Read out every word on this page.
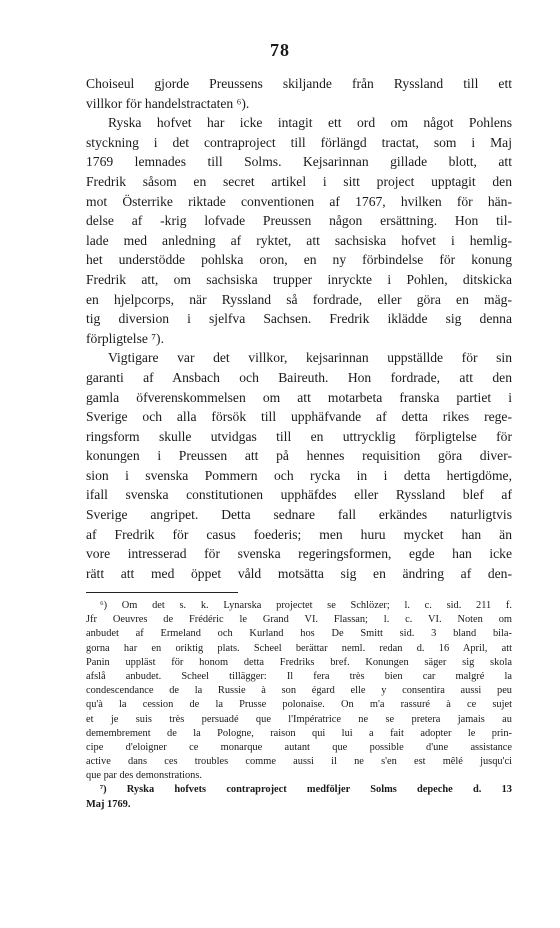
78
Choiseul gjorde Preussens skiljande från Ryssland till ett
villkor för handelstractaten ⁶).
Ryska hofvet har icke intagit ett ord om något Pohlens
styckning i det contraproject till förlängd tractat, som i Maj
1769 lemnades till Solms. Kejsarinnan gillade blott, att
Fredrik såsom en secret artikel i sitt project upptagit den
mot Österrike riktade conventionen af 1767, hvilken för hän-
delse af -krig lofvade Preussen någon ersättning. Hon til-
lade med anledning af ryktet, att sachsiska hofvet i hemlig-
het understödde pohlska oron, en ny förbindelse för konung
Fredrik att, om sachsiska trupper inryckte i Pohlen, ditskicka
en hjelpcorps, när Ryssland så fordrade, eller göra en mäg-
tig diversion i sjelfva Sachsen. Fredrik iklädde sig denna
förpligtelse ⁷).
Vigtigare var det villkor, kejsarinnan uppställde för sin
garanti af Ansbach och Baireuth. Hon fordrade, att den
gamla öfverenskommelsen om att motarbeta franska partiet i
Sverige och alla försök till upphäfvande af detta rikes rege-
ringsform skulle utvidgas till en uttrycklig förpligtelse för
konungen i Preussen att på hennes requisition göra diver-
sion i svenska Pommern och rycka in i detta hertigdöme,
ifall svenska constitutionen upphäfdes eller Ryssland blef af
Sverige angripet. Detta sednare fall erkändes naturligtvis
af Fredrik för casus foederis; men huru mycket han än
vore intresserad för svenska regeringsformen, egde han icke
rätt att med öppet våld motsätta sig en ändring af den-
⁶) Om det s. k. Lynarska projectet se Schlözer; l. c. sid. 211 f.
Jfr Oeuvres de Frédéric le Grand VI. Flassan; l. c. VI. Noten om
anbudet af Ermeland och Kurland hos De Smitt sid. 3 bland bila-
gorna har en oriktig plats. Scheel berättar neml. redan d. 16 April, att
Panin uppläst för honom detta Fredriks bref. Konungen säger sig skola
afslå anbudet. Scheel tillägger: Il fera très bien car malgré la
condescendance de la Russie à son égard elle y consentira aussi peu
qu'à la cession de la Prusse polonaise. On m'a rassuré à ce sujet
et je suis très persuadé que l'Impératrice ne se pretera jamais au
demembrement de la Pologne, raison qui lui a fait adopter le prin-
cipe d'eloigner ce monarque autant que possible d'une assistance
active dans ces troubles comme aussi il ne s'en est mêlé jusqu'ci
que par des demonstrations.
⁷) Ryska hofvets contraproject medföljer Solms depeche d. 13
Maj 1769.
